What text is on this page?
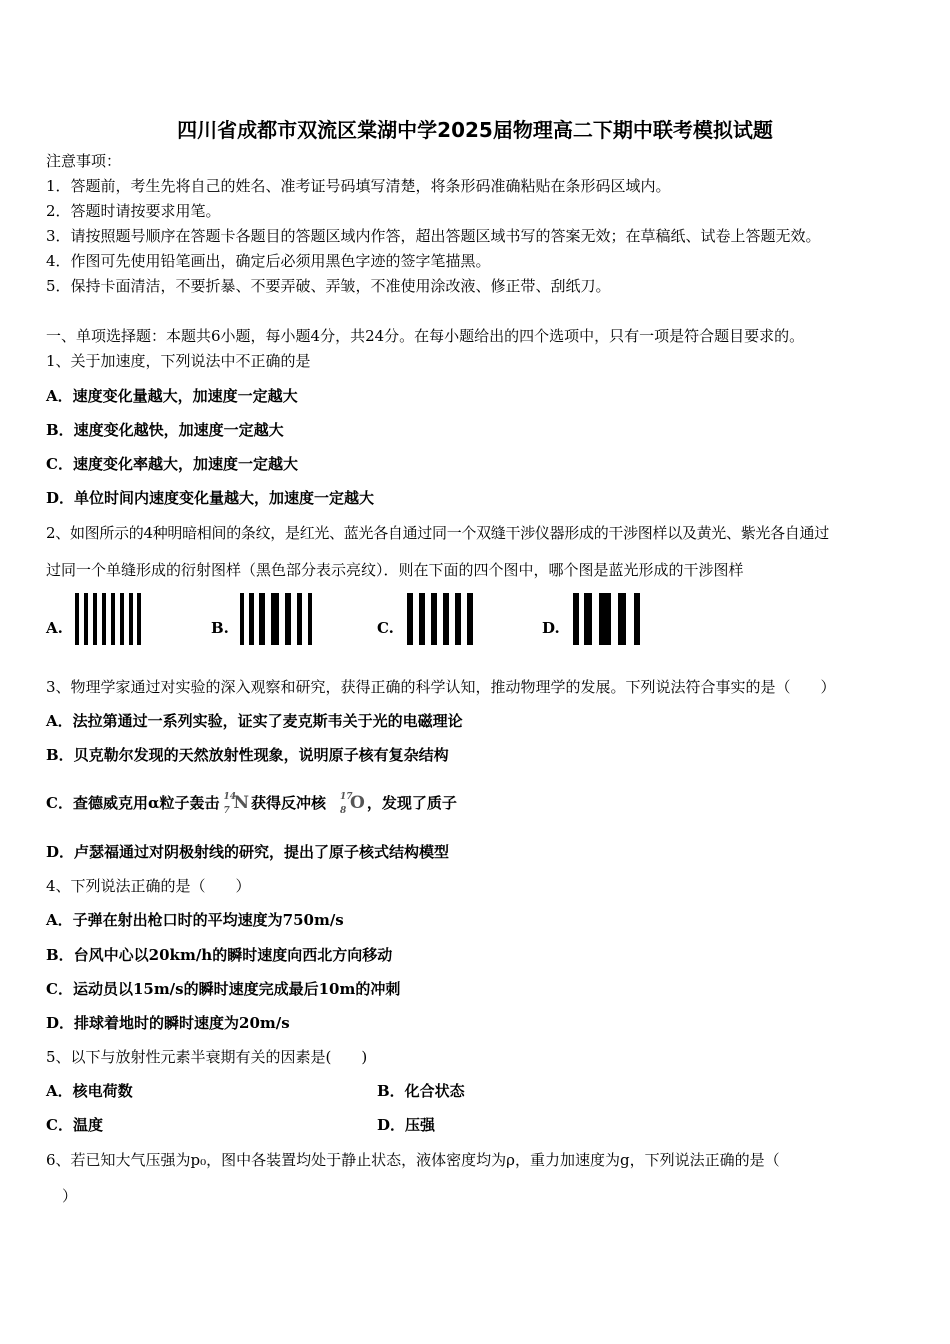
四川省成都市双流区棠湖中学2025届物理高二下期中联考模拟试题
注意事项：
1．答题前，考生先将自己的姓名、准考证号码填写清楚，将条形码准确粘贴在条形码区域内。
2．答题时请按要求用笔。
3．请按照题号顺序在答题卡各题目的答题区域内作答，超出答题区域书写的答案无效；在草稿纸、试卷上答题无效。
4．作图可先使用铅笔画出，确定后必须用黑色字迹的签字笔描黑。
5．保持卡面清洁，不要折暴、不要弄破、弄皱，不准使用涂改液、修正带、刮纸刀。
一、单项选择题：本题共6小题，每小题4分，共24分。在每小题给出的四个选项中，只有一项是符合题目要求的。
1、关于加速度，下列说法中不正确的是
A．速度变化量越大，加速度一定越大
B．速度变化越快，加速度一定越大
C．速度变化率越大，加速度一定越大
D．单位时间内速度变化量越大，加速度一定越大
2、如图所示的4种明暗相间的条纹，是红光、蓝光各自通过同一个双缝干涉仪器形成的干涉图样以及黄光、紫光各自通过
过同一个单缝形成的衍射图样（黑色部分表示亮纹）．则在下面的四个图中，哪个图是蓝光形成的干涉图样
A.	B.	C.	D.
3、物理学家通过对实验的深入观察和研究，获得正确的科学认知，推动物理学的发展。下列说法符合事实的是（　　）
A．法拉第通过一系列实验，证实了麦克斯韦关于光的电磁理论
B．贝克勒尔发现的天然放射性现象，说明原子核有复杂结构
C．查德威克用α粒子轰击 14
7 N 获得反冲核 17
8 O ，发现了质子
D．卢瑟福通过对阴极射线的研究，提出了原子核式结构模型
4、下列说法正确的是（　　）
A．子弹在射出枪口时的平均速度为750m/s
B．台风中心以20km/h的瞬时速度向西北方向移动
C．运动员以15m/s的瞬时速度完成最后10m的冲刺
D．排球着地时的瞬时速度为20m/s
5、以下与放射性元素半衰期有关的因素是(　　)
A．核电荷数	B．化合状态
C．温度	D．压强
6、若已知大气压强为p₀，图中各装置均处于静止状态，液体密度均为ρ，重力加速度为g，下列说法正确的是（
）
